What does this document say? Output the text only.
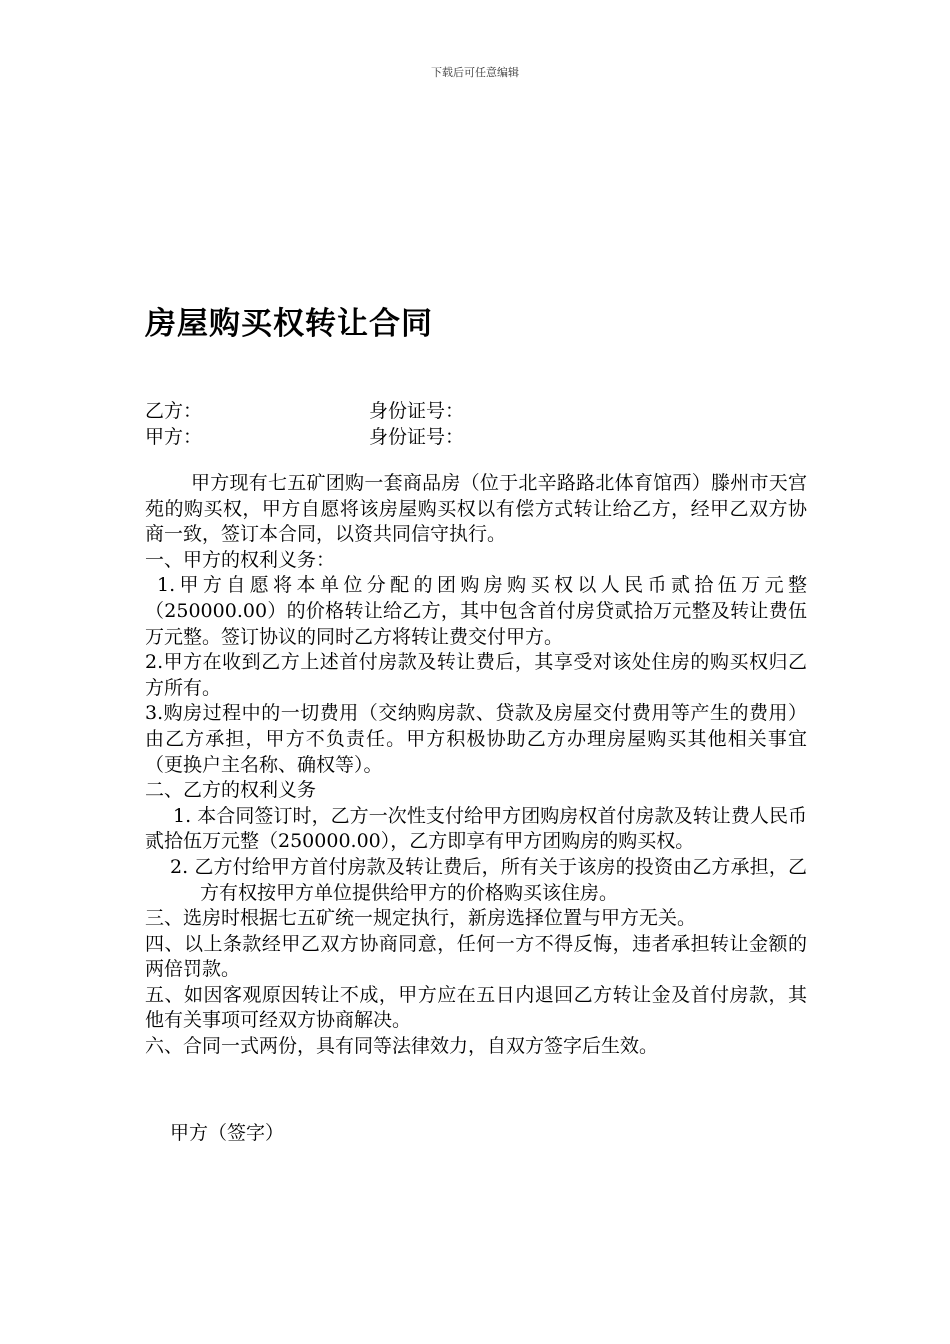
下载后可任意编辑
房屋购买权转让合同
乙方：	身份证号：
甲方：	身份证号：

甲方现有七五矿团购一套商品房（位于北辛路路北体育馆西）滕州市天宫苑的购买权，甲方自愿将该房屋购买权以有偿方式转让给乙方，经甲乙双方协商一致，签订本合同，以资共同信守执行。

一、甲方的权利义务：

1.甲方自愿将本单位分配的团购房购买权以人民币贰拾伍万元整（250000.00）的价格转让给乙方，其中包含首付房贷贰拾万元整及转让费伍万元整。签订协议的同时乙方将转让费交付甲方。

2.甲方在收到乙方上述首付房款及转让费后，其享受对该处住房的购买权归乙方所有。

3.购房过程中的一切费用（交纳购房款、贷款及房屋交付费用等产生的费用）由乙方承担，甲方不负责任。甲方积极协助乙方办理房屋购买其他相关事宜（更换户主名称、确权等）。

二、乙方的权利义务

1. 本合同签订时，乙方一次性支付给甲方团购房权首付房款及转让费人民币贰拾伍万元整（250000.00），乙方即享有甲方团购房的购买权。

2. 乙方付给甲方首付房款及转让费后，所有关于该房的投资由乙方承担，乙方有权按甲方单位提供给甲方的价格购买该住房。

三、选房时根据七五矿统一规定执行，新房选择位置与甲方无关。

四、以上条款经甲乙双方协商同意，任何一方不得反悔，违者承担转让金额的两倍罚款。

五、如因客观原因转让不成，甲方应在五日内退回乙方转让金及首付房款，其他有关事项可经双方协商解决。

六、合同一式两份，具有同等法律效力，自双方签字后生效。

甲方（签字）
